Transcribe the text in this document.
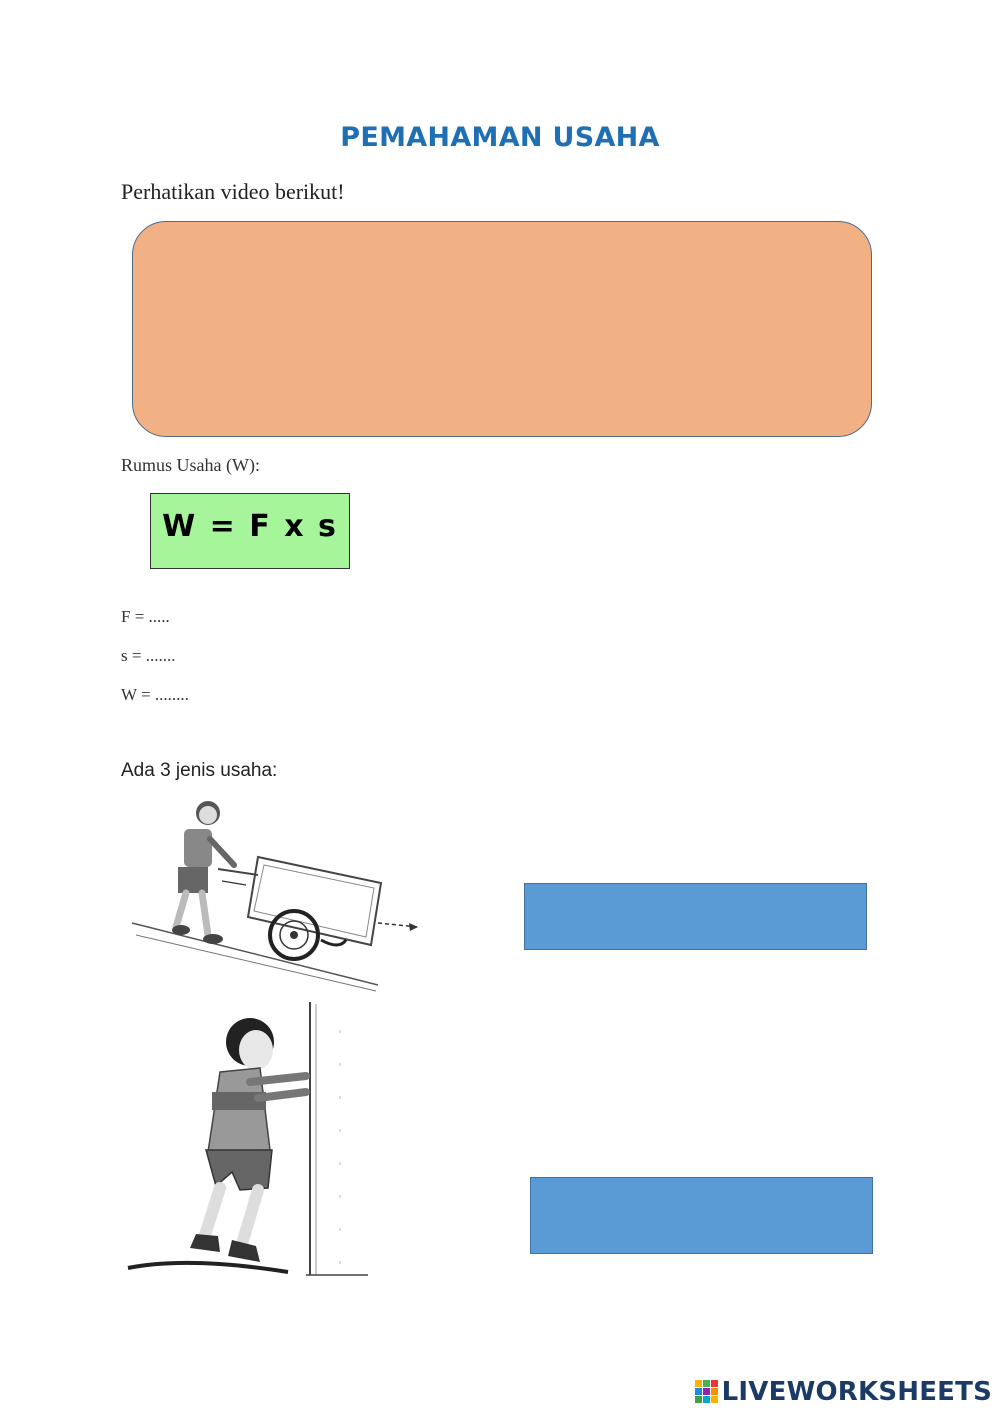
PEMAHAMAN USAHA
Perhatikan video berikut!
Rumus Usaha (W):
W = F x s
F = .....
s = .......
W = ........
Ada 3 jenis usaha:
LIVEWORKSHEETS
